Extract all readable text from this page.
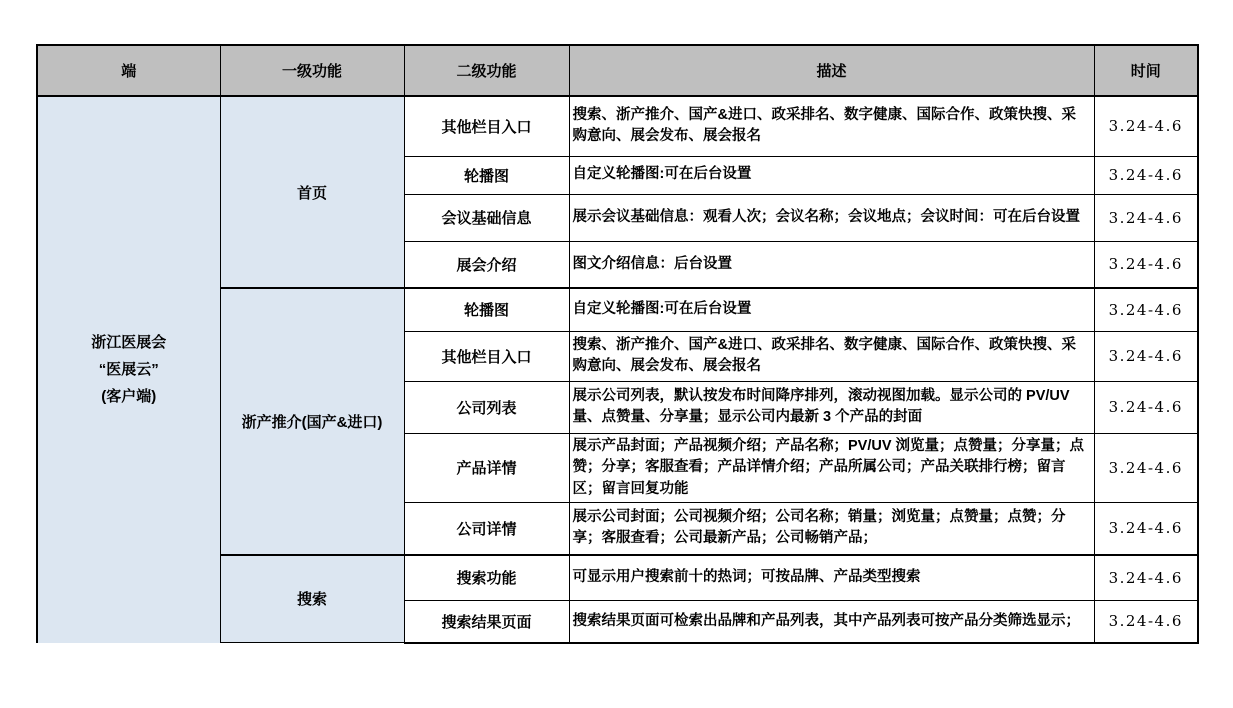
端	一级功能	二级功能	描述	时间

浙江医展会
“医展云”
(客户端)	首页	其他栏目入口	搜索、浙产推介、国产&进口、政采排名、数字健康、国际合作、政策快搜、采购意向、展会发布、展会报名	3.24-4.6
		轮播图	自定义轮播图:可在后台设置	3.24-4.6
		会议基础信息	展示会议基础信息：观看人次；会议名称；会议地点；会议时间：可在后台设置	3.24-4.6
		展会介绍	图文介绍信息：后台设置	3.24-4.6
	浙产推介(国产&进口)	轮播图	自定义轮播图:可在后台设置	3.24-4.6
		其他栏目入口	搜索、浙产推介、国产&进口、政采排名、数字健康、国际合作、政策快搜、采购意向、展会发布、展会报名	3.24-4.6
		公司列表	展示公司列表，默认按发布时间降序排列，滚动视图加载。显示公司的 PV/UV 量、点赞量、分享量；显示公司内最新 3 个产品的封面	3.24-4.6
		产品详情	展示产品封面；产品视频介绍；产品名称；PV/UV 浏览量；点赞量；分享量；点赞；分享；客服查看；产品详情介绍；产品所属公司；产品关联排行榜；留言区；留言回复功能	3.24-4.6
		公司详情	展示公司封面；公司视频介绍；公司名称；销量；浏览量；点赞量；点赞；分享；客服查看；公司最新产品；公司畅销产品；	3.24-4.6
	搜索	搜索功能	可显示用户搜索前十的热词；可按品牌、产品类型搜索	3.24-4.6
		搜索结果页面	搜索结果页面可检索出品牌和产品列表，其中产品列表可按产品分类筛选显示；	3.24-4.6
